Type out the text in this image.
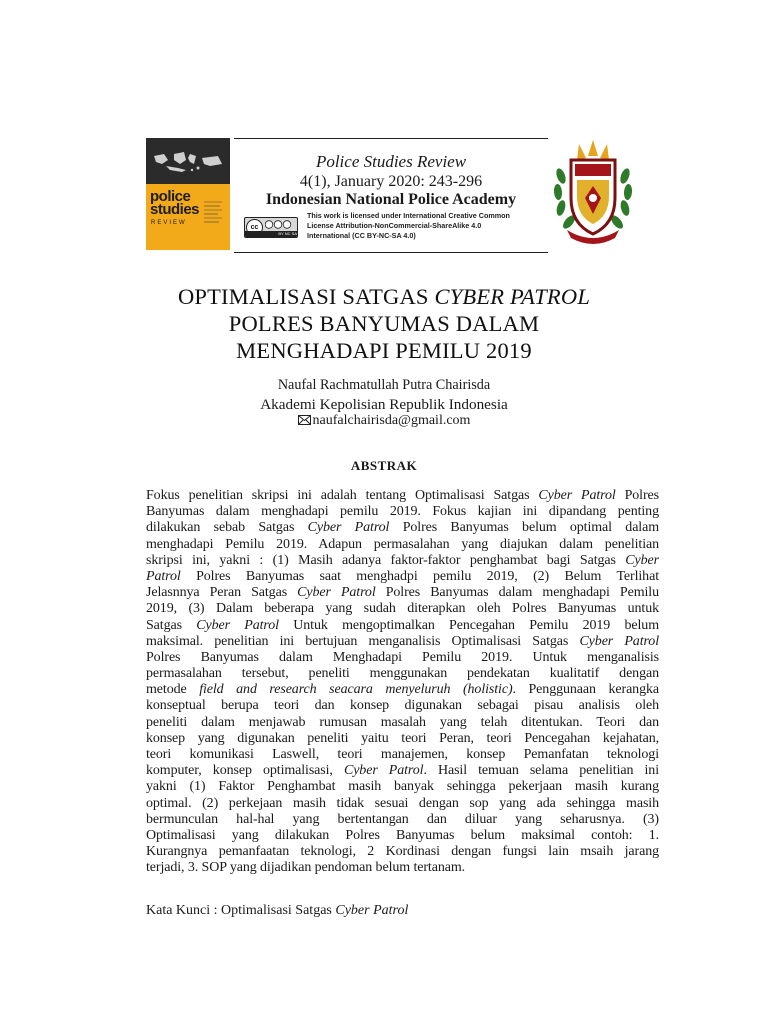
police
studies
REVIEW
Police Studies Review
4(1), January 2020: 243-296
Indonesian National Police Academy
cc
BY NC SA
This work is licensed under International Creative Common
License Attribution-NonCommercial-ShareAlike 4.0
International (CC BY-NC-SA 4.0)
OPTIMALISASI SATGAS CYBER PATROL
POLRES BANYUMAS DALAM
MENGHADAPI PEMILU 2019
Naufal Rachmatullah Putra Chairisda
Akademi Kepolisian Republik Indonesia
naufalchairisda@gmail.com
ABSTRAK
Fokus penelitian skripsi ini adalah tentang Optimalisasi Satgas Cyber Patrol Polres
Banyumas dalam menghadapi pemilu 2019. Fokus kajian ini dipandang penting
dilakukan sebab Satgas Cyber Patrol Polres Banyumas belum optimal dalam
menghadapi Pemilu 2019. Adapun permasalahan yang diajukan dalam penelitian
skripsi ini, yakni : (1) Masih adanya faktor-faktor penghambat bagi Satgas Cyber
Patrol Polres Banyumas saat menghadpi pemilu 2019, (2) Belum Terlihat
Jelasnnya Peran Satgas Cyber Patrol Polres Banyumas dalam menghadapi Pemilu
2019, (3) Dalam beberapa yang sudah diterapkan oleh Polres Banyumas untuk
Satgas Cyber Patrol Untuk mengoptimalkan Pencegahan Pemilu 2019 belum
maksimal. penelitian ini bertujuan menganalisis Optimalisasi Satgas Cyber Patrol
Polres Banyumas dalam Menghadapi Pemilu 2019. Untuk menganalisis
permasalahan tersebut, peneliti menggunakan pendekatan kualitatif dengan
metode field and research seacara menyeluruh (holistic). Penggunaan kerangka
konseptual berupa teori dan konsep digunakan sebagai pisau analisis oleh
peneliti dalam menjawab rumusan masalah yang telah ditentukan. Teori dan
konsep yang digunakan peneliti yaitu teori Peran, teori Pencegahan kejahatan,
teori komunikasi Laswell, teori manajemen, konsep Pemanfatan teknologi
komputer, konsep optimalisasi, Cyber Patrol. Hasil temuan selama penelitian ini
yakni (1) Faktor Penghambat masih banyak sehingga pekerjaan masih kurang
optimal. (2) perkejaan masih tidak sesuai dengan sop yang ada sehingga masih
bermunculan hal-hal yang bertentangan dan diluar yang seharusnya. (3)
Optimalisasi yang dilakukan Polres Banyumas belum maksimal contoh: 1.
Kurangnya pemanfaatan teknologi, 2 Kordinasi dengan fungsi lain msaih jarang
terjadi, 3. SOP yang dijadikan pendoman belum tertanam.
Kata Kunci : Optimalisasi Satgas Cyber Patrol
